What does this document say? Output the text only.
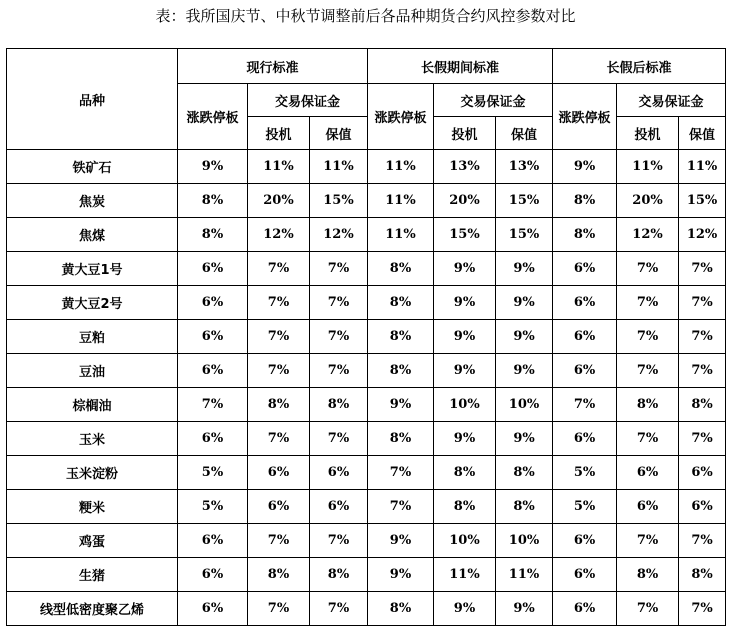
表：我所国庆节、中秋节调整前后各品种期货合约风控参数对比
品种	现行标准			长假期间标准			长假后标准		
	涨跌停板	交易保证金		涨跌停板	交易保证金		涨跌停板	交易保证金	
		投机	保值		投机	保值		投机	保值
铁矿石	9%	11%	11%	11%	13%	13%	9%	11%	11%
焦炭	8%	20%	15%	11%	20%	15%	8%	20%	15%
焦煤	8%	12%	12%	11%	15%	15%	8%	12%	12%
黄大豆1号	6%	7%	7%	8%	9%	9%	6%	7%	7%
黄大豆2号	6%	7%	7%	8%	9%	9%	6%	7%	7%
豆粕	6%	7%	7%	8%	9%	9%	6%	7%	7%
豆油	6%	7%	7%	8%	9%	9%	6%	7%	7%
棕榈油	7%	8%	8%	9%	10%	10%	7%	8%	8%
玉米	6%	7%	7%	8%	9%	9%	6%	7%	7%
玉米淀粉	5%	6%	6%	7%	8%	8%	5%	6%	6%
粳米	5%	6%	6%	7%	8%	8%	5%	6%	6%
鸡蛋	6%	7%	7%	9%	10%	10%	6%	7%	7%
生猪	6%	8%	8%	9%	11%	11%	6%	8%	8%
线型低密度聚乙烯	6%	7%	7%	8%	9%	9%	6%	7%	7%
